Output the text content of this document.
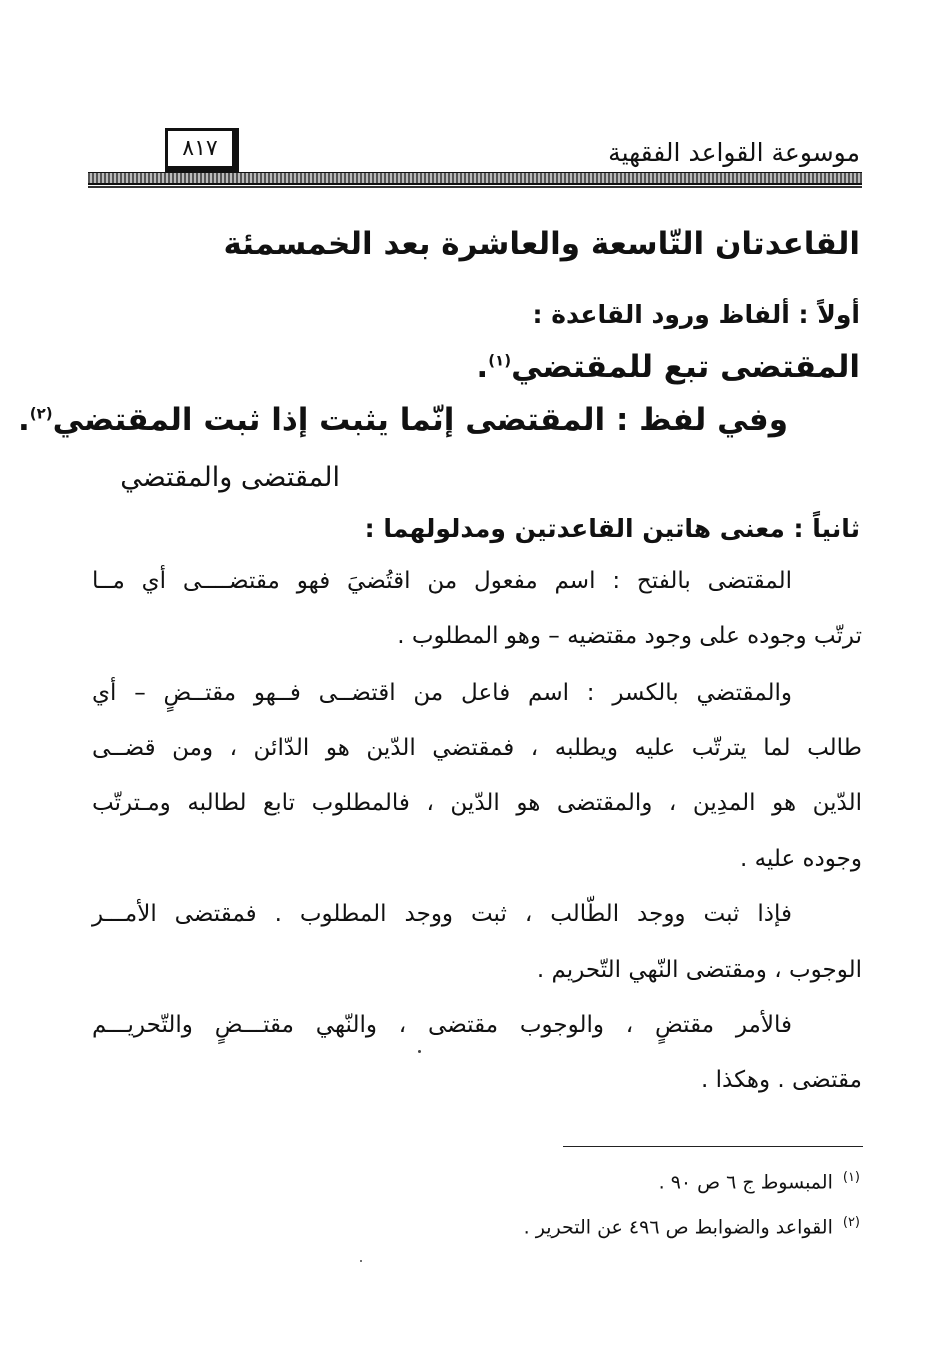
موسوعة القواعد الفقهية
٨١٧
القاعدتان التّاسعة والعاشرة بعد الخمسمئة
أولاً : ألفاظ ورود القاعدة :
المقتضى تبع للمقتضي$^{(١)}$.
وفي لفظ : المقتضى إنّما يثبت إذا ثبت المقتضي$^{(٢)}$.
المقتضى والمقتضي
ثانياً : معنى هاتين القاعدتين ومدلولهما :
المقتضى بالفتح : اسم مفعول من اقتُضيَ فهو مقتضــــى أي مــا
ترتّب وجوده على وجود مقتضيه – وهو المطلوب .
والمقتضي بالكسر : اسم فاعل من اقتضــى فــهو مقتــضٍ – أي
طالب لما يترتّب عليه ويطلبه ، فمقتضي الدّين هو الدّائن ، ومن قضــى
الدّين هو المدِين ، والمقتضى هو الدّين ، فالمطلوب تابع لطالبه ومـترتّب
وجوده عليه .
فإذا ثبت ووجد الطّالب ، ثبت ووجد المطلوب . فمقتضى الأمـــر
الوجوب ، ومقتضى النّهي التّحريم .
فالأمر مقتضٍ ، والوجوب مقتضى ، والنّهي مقتـــضٍ والتّحريـــم
مقتضى . وهكذا .
$^{(١)}$المبسوط ج ٦ ص ٩٠ .
$^{(٢)}$القواعد والضوابط ص ٤٩٦ عن التحرير .
